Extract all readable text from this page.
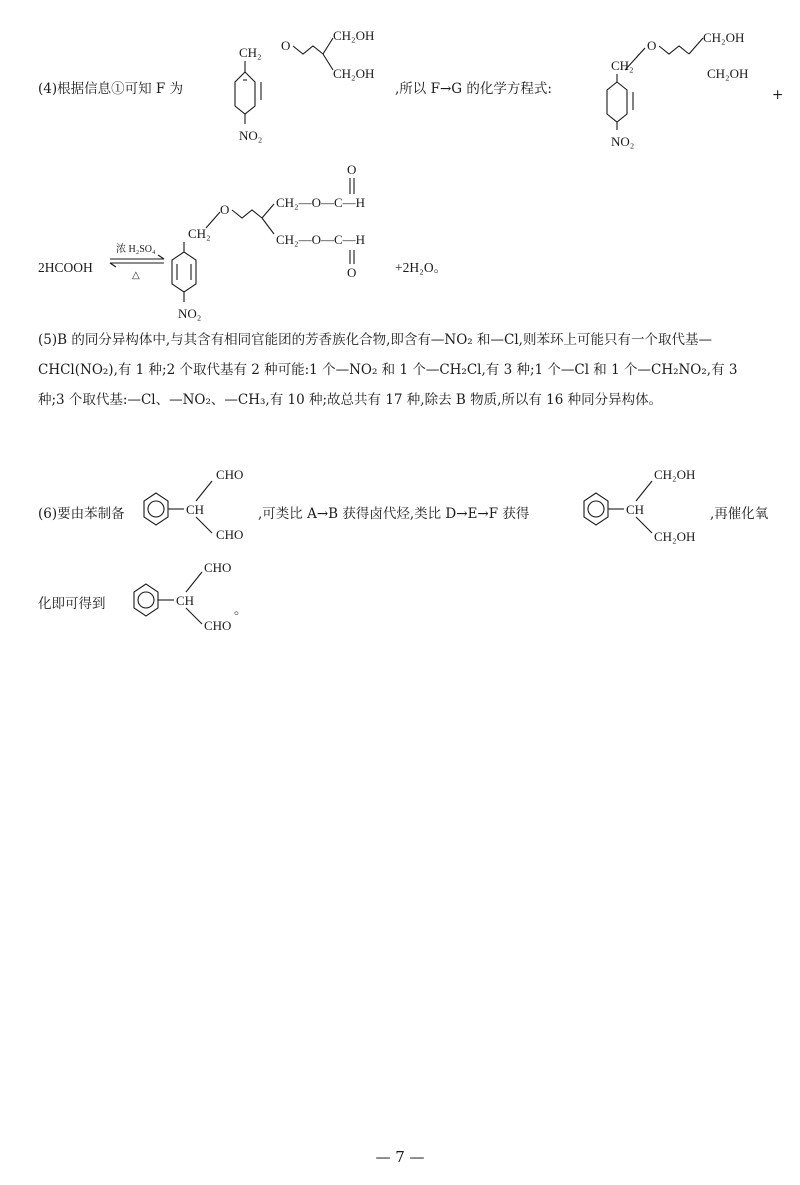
(4)根据信息①可知 F 为
CH₂
NO₂
O
CH₂OH
CH₂OH
,所以 F→G 的化学方程式:
CH₂
NO₂
O
CH₂OH
CH₂OH
+
2HCOOH
浓 H₂SO₄
△
CH₂
NO₂
O	CH₂—O—C—H
O
CH₂—O—C—H
O	+2H₂O。
(5)B 的同分异构体中,与其含有相同官能团的芳香族化合物,即含有—NO₂ 和—Cl,则苯环上可能只有一个取代基—CHCl(NO₂),有 1 种;2 个取代基有 2 种可能:1 个—NO₂ 和 1 个—CH₂Cl,有 3 种;1 个—Cl 和 1 个—CH₂NO₂,有 3 种;3 个取代基:—Cl、—NO₂、—CH₃,有 10 种;故总共有 17 种,除去 B 物质,所以有 16 种同分异构体。
(6)要由苯制备	CH
CHO
CHO
,可类比 A→B 获得卤代烃,类比 D→E→F 获得	CH
CH₂OH
CH₂OH
,再催化氧
化即可得到	CH
CHO
CHO
。
— 7 —
